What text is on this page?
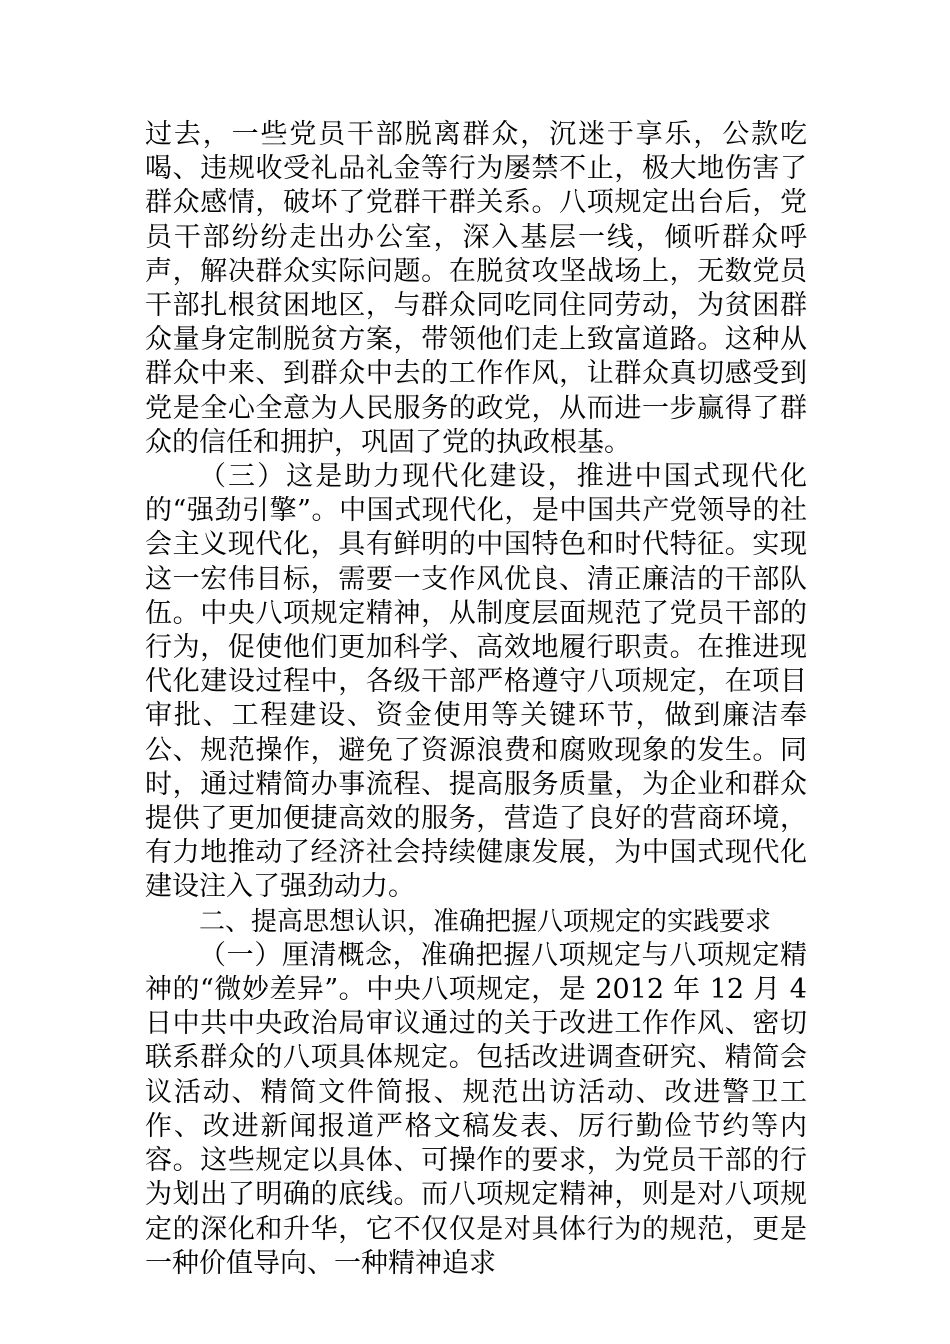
过去，一些党员干部脱离群众，沉迷于享乐，公款吃喝、违规收受礼品礼金等行为屡禁不止，极大地伤害了群众感情，破坏了党群干群关系。八项规定出台后，党员干部纷纷走出办公室，深入基层一线，倾听群众呼声，解决群众实际问题。在脱贫攻坚战场上，无数党员干部扎根贫困地区，与群众同吃同住同劳动，为贫困群众量身定制脱贫方案，带领他们走上致富道路。这种从群众中来、到群众中去的工作作风，让群众真切感受到党是全心全意为人民服务的政党，从而进一步赢得了群众的信任和拥护，巩固了党的执政根基。

（三）这是助力现代化建设，推进中国式现代化的“强劲引擎”。中国式现代化，是中国共产党领导的社会主义现代化，具有鲜明的中国特色和时代特征。实现这一宏伟目标，需要一支作风优良、清正廉洁的干部队伍。中央八项规定精神，从制度层面规范了党员干部的行为，促使他们更加科学、高效地履行职责。在推进现代化建设过程中，各级干部严格遵守八项规定，在项目审批、工程建设、资金使用等关键环节，做到廉洁奉公、规范操作，避免了资源浪费和腐败现象的发生。同时，通过精简办事流程、提高服务质量，为企业和群众提供了更加便捷高效的服务，营造了良好的营商环境，有力地推动了经济社会持续健康发展，为中国式现代化建设注入了强劲动力。

二、提高思想认识，准确把握八项规定的实践要求

（一）厘清概念，准确把握八项规定与八项规定精神的“微妙差异”。中央八项规定，是 2012 年 12 月 4 日中共中央政治局审议通过的关于改进工作作风、密切联系群众的八项具体规定。包括改进调查研究、精简会议活动、精简文件简报、规范出访活动、改进警卫工作、改进新闻报道严格文稿发表、厉行勤俭节约等内容。这些规定以具体、可操作的要求，为党员干部的行为划出了明确的底线。而八项规定精神，则是对八项规定的深化和升华，它不仅仅是对具体行为的规范，更是一种价值导向、一种精神追求
